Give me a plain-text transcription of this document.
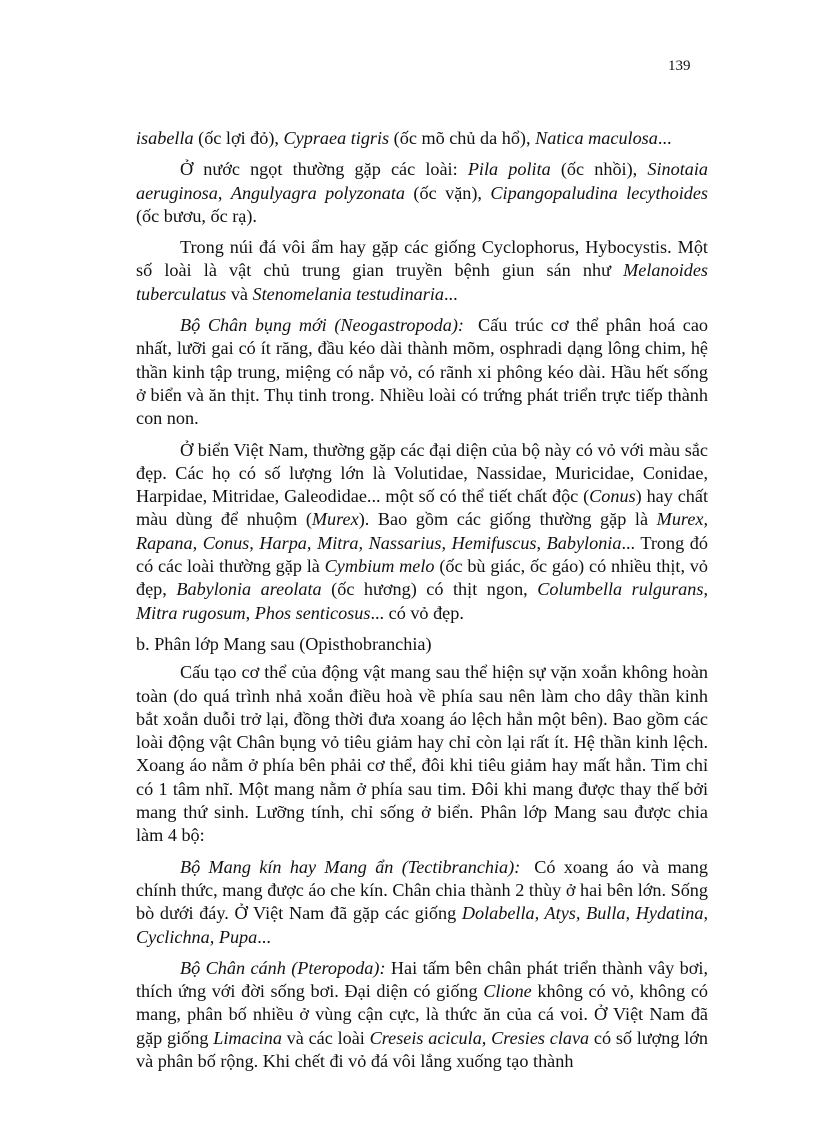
139

isabella (ốc lợi đỏ), Cypraea tigris (ốc mõ chủ da hổ), Natica maculosa...

Ở nước ngọt thường gặp các loài: Pila polita (ốc nhồi), Sinotaia aeruginosa, Angulyagra polyzonata (ốc vặn), Cipangopaludina lecythoides (ốc bươu, ốc rạ).

Trong núi đá vôi ẩm hay gặp các giống Cyclophorus, Hybocystis. Một số loài là vật chủ trung gian truyền bệnh giun sán như Melanoides tuberculatus và Stenomelania testudinaria...

Bộ Chân bụng mới (Neogastropoda): Cấu trúc cơ thể phân hoá cao nhất, lưỡi gai có ít răng, đầu kéo dài thành mõm, osphradi dạng lông chim, hệ thần kinh tập trung, miệng có nắp vỏ, có rãnh xi phông kéo dài. Hầu hết sống ở biển và ăn thịt. Thụ tinh trong. Nhiều loài có trứng phát triển trực tiếp thành con non.

Ở biển Việt Nam, thường gặp các đại diện của bộ này có vỏ với màu sắc đẹp. Các họ có số lượng lớn là Volutidae, Nassidae, Muricidae, Conidae, Harpidae, Mitridae, Galeodidae... một số có thể tiết chất độc (Conus) hay chất màu dùng để nhuộm (Murex). Bao gồm các giống thường gặp là Murex, Rapana, Conus, Harpa, Mitra, Nassarius, Hemifuscus, Babylonia... Trong đó có các loài thường gặp là Cymbium melo (ốc bù giác, ốc gáo) có nhiều thịt, vỏ đẹp, Babylonia areolata (ốc hương) có thịt ngon, Columbella rulgurans, Mitra rugosum, Phos senticosus... có vỏ đẹp.

b. Phân lớp Mang sau (Opisthobranchia)

Cấu tạo cơ thể của động vật mang sau thể hiện sự vặn xoắn không hoàn toàn (do quá trình nhả xoắn điều hoà về phía sau nên làm cho dây thần kinh bắt xoắn duỗi trở lại, đồng thời đưa xoang áo lệch hẳn một bên). Bao gồm các loài động vật Chân bụng vỏ tiêu giảm hay chỉ còn lại rất ít. Hệ thần kinh lệch. Xoang áo nằm ở phía bên phải cơ thể, đôi khi tiêu giảm hay mất hẳn. Tim chỉ có 1 tâm nhĩ. Một mang nằm ở phía sau tim. Đôi khi mang được thay thế bởi mang thứ sinh. Lưỡng tính, chỉ sống ở biển. Phân lớp Mang sau được chia làm 4 bộ:

Bộ Mang kín hay Mang ẩn (Tectibranchia): Có xoang áo và mang chính thức, mang được áo che kín. Chân chia thành 2 thùy ở hai bên lớn. Sống bò dưới đáy. Ở Việt Nam đã gặp các giống Dolabella, Atys, Bulla, Hydatina, Cyclichna, Pupa...

Bộ Chân cánh (Pteropoda): Hai tấm bên chân phát triển thành vây bơi, thích ứng với đời sống bơi. Đại diện có giống Clione không có vỏ, không có mang, phân bố nhiều ở vùng cận cực, là thức ăn của cá voi. Ở Việt Nam đã gặp giống Limacina và các loài Creseis acicula, Cresies clava có số lượng lớn và phân bố rộng. Khi chết đi vỏ đá vôi lắng xuống tạo thành
